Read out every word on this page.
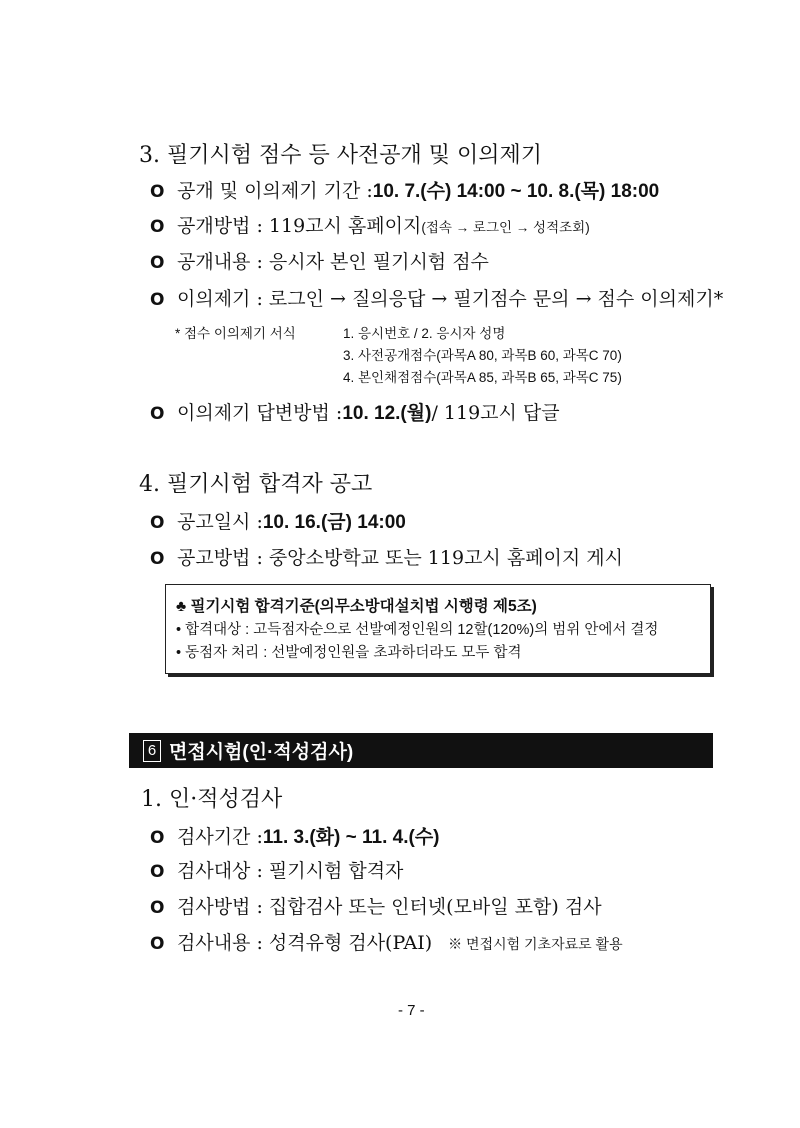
3. 필기시험 점수 등 사전공개 및 이의제기
O 공개 및 이의제기 기간 : 10. 7.(수) 14:00 ~ 10. 8.(목) 18:00
O 공개방법 : 119고시 홈페이지 (접속 → 로그인 → 성적조회)
O 공개내용 : 응시자 본인 필기시험 점수
O 이의제기 : 로그인 → 질의응답 → 필기점수 문의 → 점수 이의제기*
* 점수 이의제기 서식	1. 응시번호 / 2. 응시자 성명
3. 사전공개점수(과목A 80, 과목B 60, 과목C 70)
4. 본인채점점수(과목A 85, 과목B 65, 과목C 75)
O 이의제기 답변방법 : 10. 12.(월) / 119고시 답글
4. 필기시험 합격자 공고
O 공고일시 : 10. 16.(금) 14:00
O 공고방법 : 중앙소방학교 또는 119고시 홈페이지 게시
♣ 필기시험 합격기준(의무소방대설치법 시행령 제5조)
• 합격대상 : 고득점자순으로 선발예정인원의 12할(120%)의 범위 안에서 결정
• 동점자 처리 : 선발예정인원을 초과하더라도 모두 합격
6 면접시험(인·적성검사)
1. 인·적성검사
O 검사기간 : 11. 3.(화) ~ 11. 4.(수)
O 검사대상 : 필기시험 합격자
O 검사방법 : 집합검사 또는 인터넷(모바일 포함) 검사
O 검사내용 : 성격유형 검사(PAI) ※ 면접시험 기초자료로 활용
- 7 -
